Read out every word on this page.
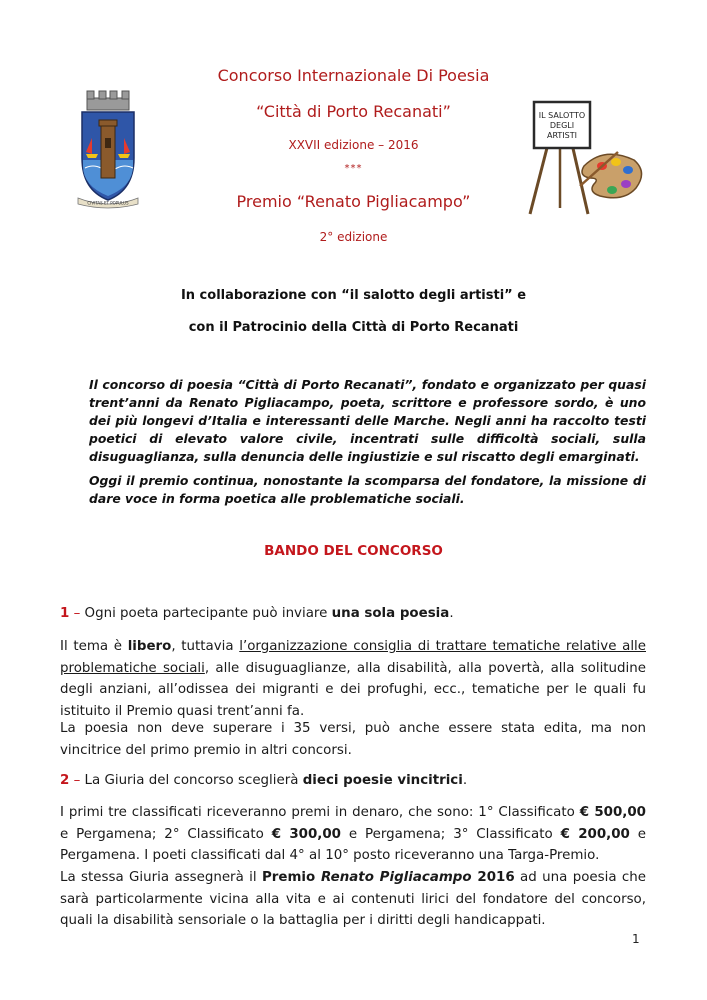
CIVITAS ET POPULUS
IL SALOTTO
DEGLI
ARTISTI
Concorso Internazionale Di Poesia
“Città di Porto Recanati”
XXVII edizione – 2016
***
Premio “Renato Pigliacampo”
2° edizione
In collaborazione con “il salotto degli artisti” e
con il Patrocinio della Città di Porto Recanati

Il concorso di poesia “Città di Porto Recanati”, fondato e organizzato per quasi trent’anni da Renato Pigliacampo, poeta, scrittore e professore sordo, è uno dei più longevi d’Italia e interessanti delle Marche. Negli anni ha raccolto testi poetici di elevato valore civile, incentrati sulle difficoltà sociali, sulla disuguaglianza, sulla denuncia delle ingiustizie e sul riscatto degli emarginati.

Oggi il premio continua, nonostante la scomparsa del fondatore, la missione di dare voce in forma poetica alle problematiche sociali.

BANDO DEL CONCORSO

1 – Ogni poeta partecipante può inviare una sola poesia.

Il tema è libero, tuttavia l’organizzazione consiglia di trattare tematiche relative alle problematiche sociali, alle disuguaglianze, alla disabilità, alla povertà, alla solitudine degli anziani, all’odissea dei migranti e dei profughi, ecc., tematiche per le quali fu istituito il Premio quasi trent’anni fa.

La poesia non deve superare i 35 versi, può anche essere stata edita, ma non vincitrice del primo premio in altri concorsi.

2 – La Giuria del concorso sceglierà dieci poesie vincitrici.

I primi tre classificati riceveranno premi in denaro, che sono: 1° Classificato € 500,00 e Pergamena; 2° Classificato € 300,00 e Pergamena; 3° Classificato € 200,00 e Pergamena. I poeti classificati dal 4° al 10° posto riceveranno una Targa-Premio.

La stessa Giuria assegnerà il Premio Renato Pigliacampo 2016 ad una poesia che sarà particolarmente vicina alla vita e ai contenuti lirici del fondatore del concorso, quali la disabilità sensoriale o la battaglia per i diritti degli handicappati.

1
